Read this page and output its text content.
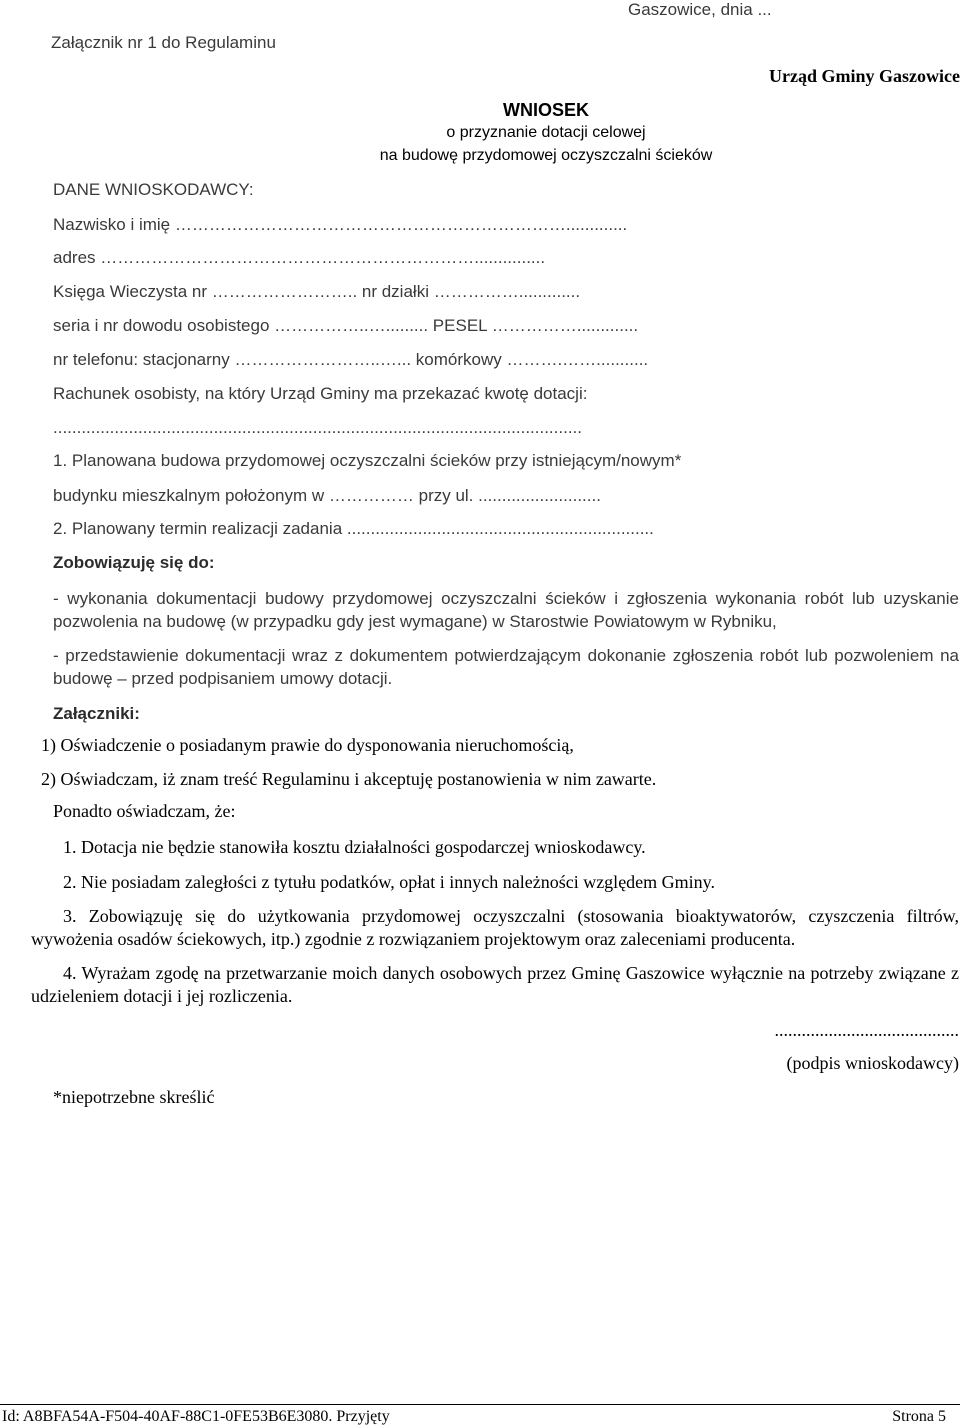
Gaszowice, dnia ...

Załącznik nr 1 do Regulaminu

Urząd Gminy Gaszowice

WNIOSEK

o przyznanie dotacji celowej

na budowę przydomowej oczyszczalni ścieków

DANE WNIOSKODAWCY:

Nazwisko i imię …………………………………………………………….............

adres …………………………………………………………...............

Księga Wieczysta nr …………………….. nr działki …………….............

seria i nr dowodu osobistego ……………..…......... PESEL …………….............

nr telefonu: stacjonarny ……………………..…... komórkowy ……….……...........

Rachunek osobisty, na który Urząd Gminy ma przekazać kwotę dotacji:

................................................................................................................

1. Planowana budowa przydomowej oczyszczalni ścieków przy istniejącym/nowym*

budynku mieszkalnym położonym w …………… przy ul. ..........................

2. Planowany termin realizacji zadania .................................................................

Zobowiązuję się do:

- wykonania dokumentacji budowy przydomowej oczyszczalni ścieków i zgłoszenia wykonania robót lub uzyskanie pozwolenia na budowę (w przypadku gdy jest wymagane) w Starostwie Powiatowym w Rybniku,

- przedstawienie dokumentacji wraz z dokumentem potwierdzającym dokonanie zgłoszenia robót lub pozwoleniem na budowę – przed podpisaniem umowy dotacji.

Załączniki:

1) Oświadczenie o posiadanym prawie do dysponowania nieruchomością,

2) Oświadczam, iż znam treść Regulaminu i akceptuję postanowienia w nim zawarte.

Ponadto oświadczam, że:

1. Dotacja nie będzie stanowiła kosztu działalności gospodarczej wnioskodawcy.

2. Nie posiadam zaległości z tytułu podatków, opłat i innych należności względem Gminy.

3. Zobowiązuję się do użytkowania przydomowej oczyszczalni (stosowania bioaktywatorów, czyszczenia filtrów, wywożenia osadów ściekowych, itp.) zgodnie z rozwiązaniem projektowym oraz zaleceniami producenta.

4. Wyrażam zgodę na przetwarzanie moich danych osobowych przez Gminę Gaszowice wyłącznie na potrzeby związane z udzieleniem dotacji i jej rozliczenia.

.........................................

(podpis wnioskodawcy)

*niepotrzebne skreślić

Id: A8BFA54A-F504-40AF-88C1-0FE53B6E3080. Przyjęty	Strona 5
